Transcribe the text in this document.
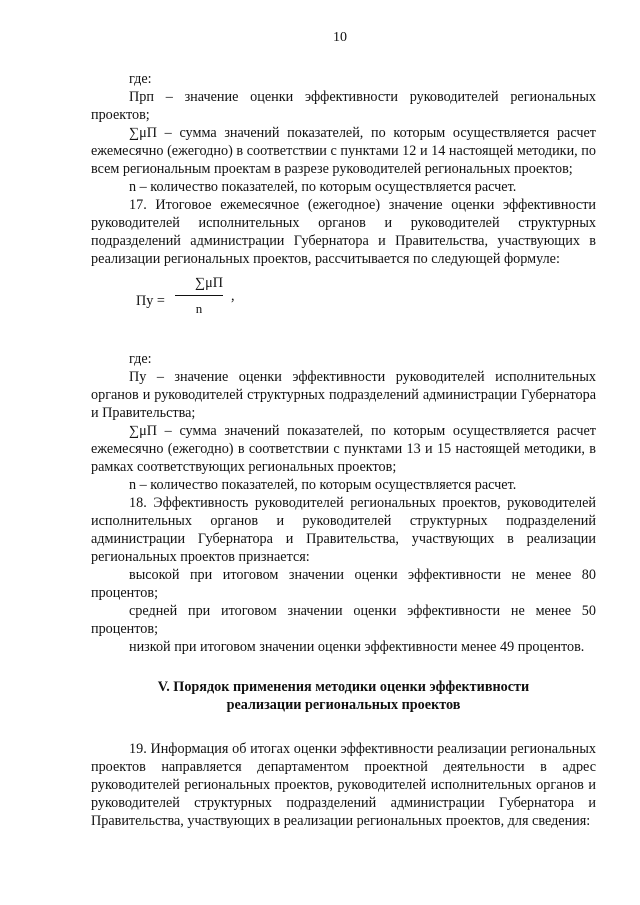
10

где:

Прп – значение оценки эффективности руководителей региональных проектов;

∑μП – сумма значений показателей, по которым осуществляется расчет ежемесячно (ежегодно) в соответствии с пунктами 12 и 14 настоящей методики, по всем региональным проектам в разрезе руководителей региональных проектов;

n – количество показателей, по которым осуществляется расчет.

17. Итоговое ежемесячное (ежегодное) значение оценки эффективности руководителей исполнительных органов и руководителей структурных подразделений администрации Губернатора и Правительства, участвующих в реализации региональных проектов, рассчитывается по следующей формуле:

Пу =
∑μП
n
,

где:

Пу – значение оценки эффективности руководителей исполнительных органов и руководителей структурных подразделений администрации Губернатора и Правительства;

∑μП – сумма значений показателей, по которым осуществляется расчет ежемесячно (ежегодно) в соответствии с пунктами 13 и 15 настоящей методики, в рамках соответствующих региональных проектов;

n – количество показателей, по которым осуществляется расчет.

18. Эффективность руководителей региональных проектов, руководителей исполнительных органов и руководителей структурных подразделений администрации Губернатора и Правительства, участвующих в реализации региональных проектов признается:

высокой при итоговом значении оценки эффективности не менее 80 процентов;

средней при итоговом значении оценки эффективности не менее 50 процентов;

низкой при итоговом значении оценки эффективности менее 49 процентов.

V. Порядок применения методики оценки эффективности
реализации региональных проектов

19. Информация об итогах оценки эффективности реализации региональных проектов направляется департаментом проектной деятельности в адрес руководителей региональных проектов, руководителей исполнительных органов и руководителей структурных подразделений администрации Губернатора и Правительства, участвующих в реализации региональных проектов, для сведения:
